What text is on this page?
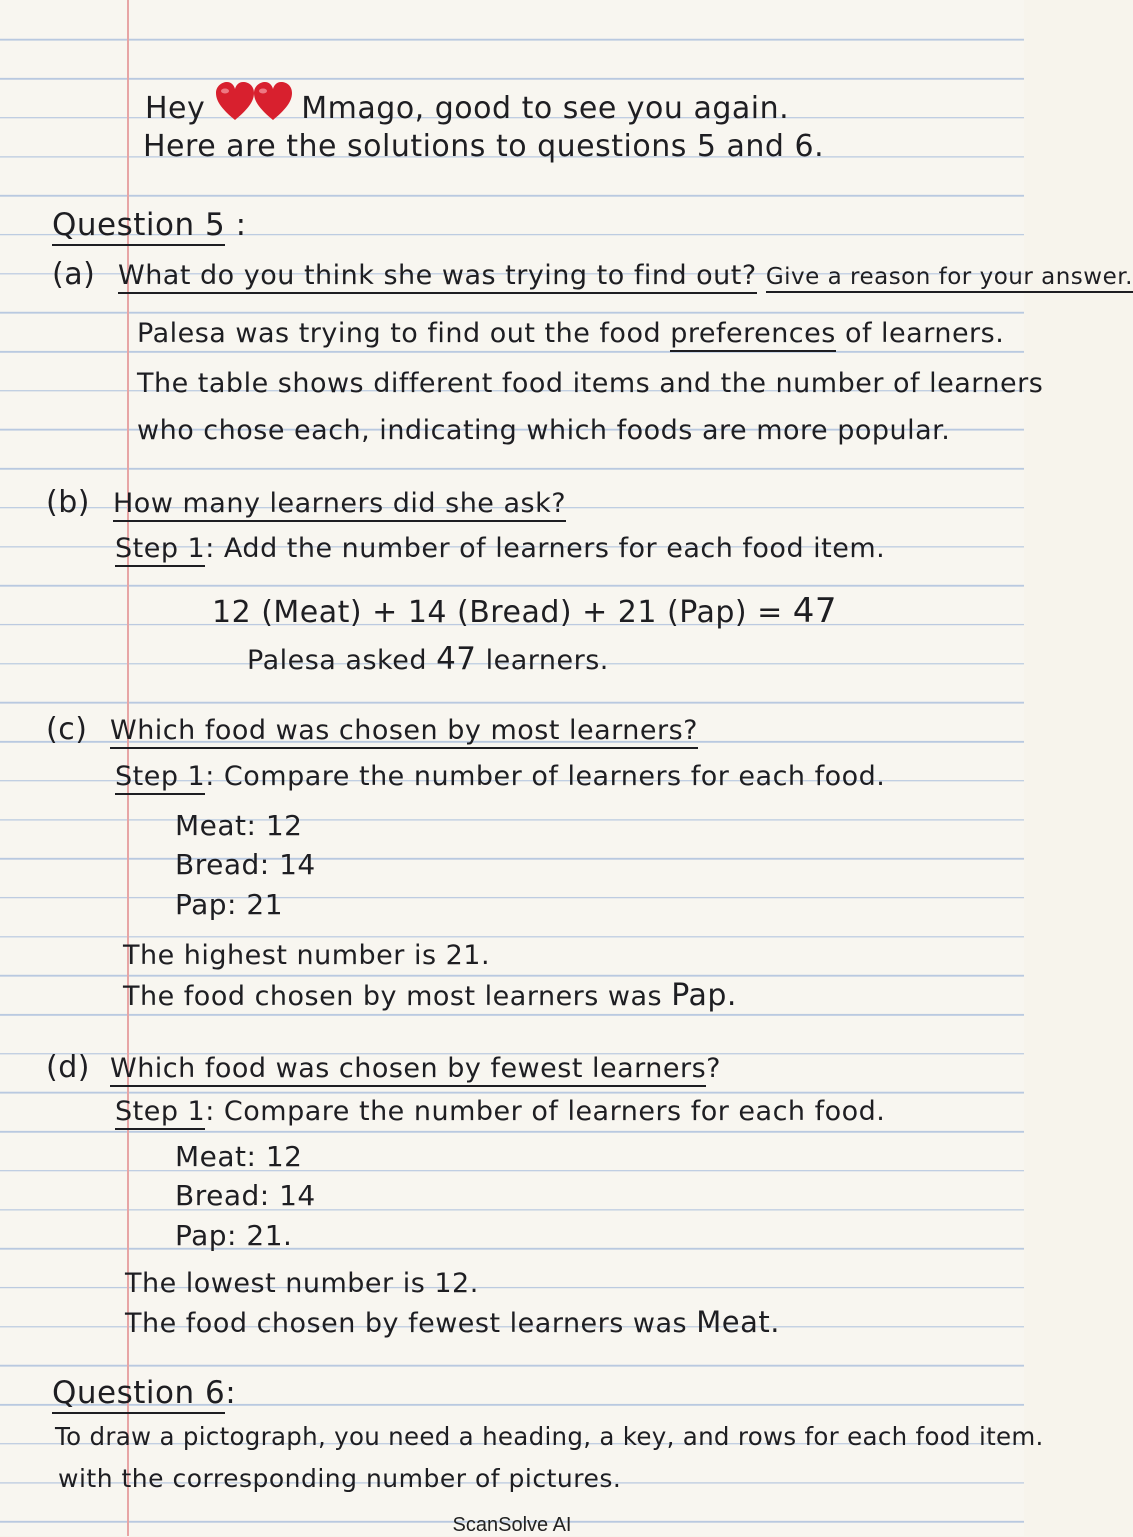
Hey	Mmago, good to see you again.
Here are the solutions to questions 5 and 6.
Question 5 :
(a) What do you think she was trying to find out? Give a reason for your answer.
Palesa was trying to find out the food preferences of learners.
The table shows different food items and the number of learners
who chose each, indicating which foods are more popular.
(b) How many learners did she ask?
Step 1: Add the number of learners for each food item.
12 (Meat) + 14 (Bread) + 21 (Pap) = 47
Palesa asked 47 learners.
(c) Which food was chosen by most learners?
Step 1: Compare the number of learners for each food.
Meat: 12
Bread: 14
Pap: 21
The highest number is 21.
The food chosen by most learners was Pap.
(d) Which food was chosen by fewest learners?
Step 1: Compare the number of learners for each food.
Meat: 12
Bread: 14
Pap: 21.
The lowest number is 12.
The food chosen by fewest learners was Meat.
Question 6:
To draw a pictograph, you need a heading, a key, and rows for each food item.
with the corresponding number of pictures.
ScanSolve AI
